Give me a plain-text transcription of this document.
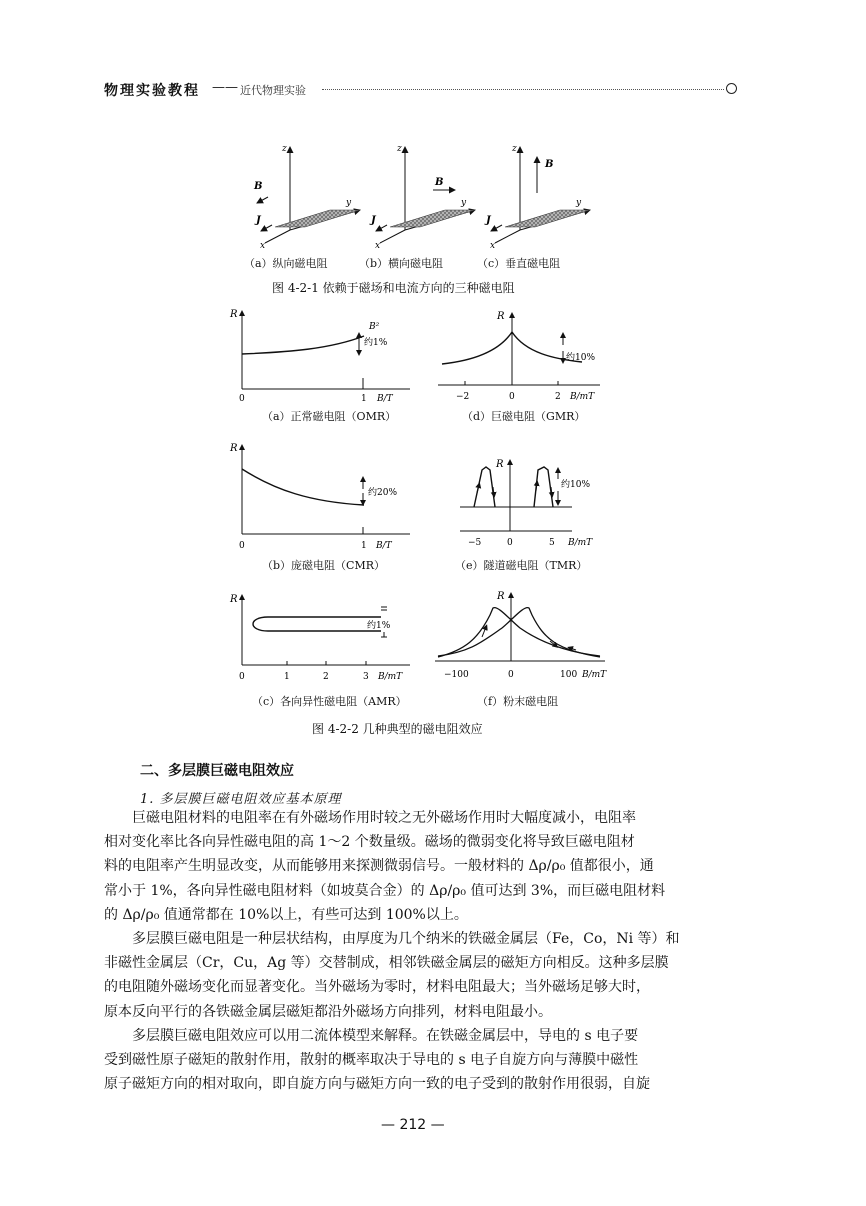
物理实验教程 —— 近代物理实验
z
y
x
B
J
z
y
x
B
J
z
y
x
B
J
（a）纵向磁电阻	（b）横向磁电阻	（c）垂直磁电阻
图 4-2-1 依赖于磁场和电流方向的三种磁电阻
R
0	1 B/T
B²
约1%
R
−2	0	2 B/mT
约10%
R
0	1 B/T
约20%
R
−5	0	5 B/mT
约10%
R
0	1	2	3 B/mT
约1%
R
−100	0	100 B/mT
（a）正常磁电阻（OMR）	（d）巨磁电阻（GMR）
（b）庞磁电阻（CMR）	（e）隧道磁电阻（TMR）
（c）各向异性磁电阻（AMR）	（f）粉末磁电阻
图 4-2-2 几种典型的磁电阻效应
二、多层膜巨磁电阻效应
1. 多层膜巨磁电阻效应基本原理
巨磁电阻材料的电阻率在有外磁场作用时较之无外磁场作用时大幅度减小，电阻率
相对变化率比各向异性磁电阻的高 1～2 个数量级。磁场的微弱变化将导致巨磁电阻材
料的电阻率产生明显改变，从而能够用来探测微弱信号。一般材料的 Δρ/ρ₀ 值都很小，通
常小于 1%，各向异性磁电阻材料（如坡莫合金）的 Δρ/ρ₀ 值可达到 3%，而巨磁电阻材料
的 Δρ/ρ₀ 值通常都在 10%以上，有些可达到 100%以上。
多层膜巨磁电阻是一种层状结构，由厚度为几个纳米的铁磁金属层（Fe，Co，Ni 等）和
非磁性金属层（Cr，Cu，Ag 等）交替制成，相邻铁磁金属层的磁矩方向相反。这种多层膜
的电阻随外磁场变化而显著变化。当外磁场为零时，材料电阻最大；当外磁场足够大时，
原本反向平行的各铁磁金属层磁矩都沿外磁场方向排列，材料电阻最小。
多层膜巨磁电阻效应可以用二流体模型来解释。在铁磁金属层中，导电的 s 电子要
受到磁性原子磁矩的散射作用，散射的概率取决于导电的 s 电子自旋方向与薄膜中磁性
原子磁矩方向的相对取向，即自旋方向与磁矩方向一致的电子受到的散射作用很弱，自旋
— 212 —
